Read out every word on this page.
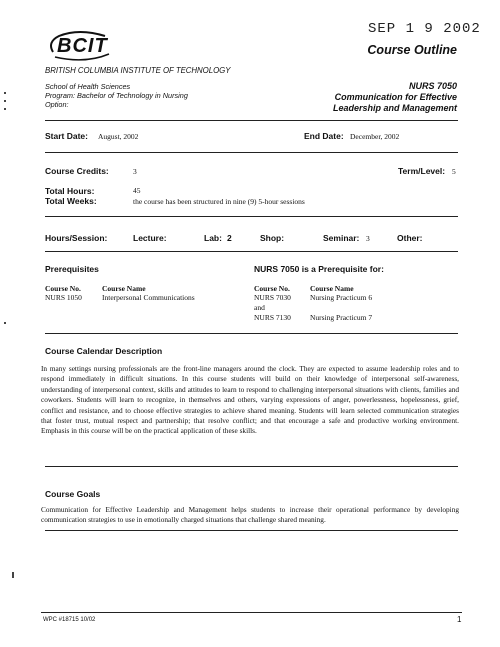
BCIT
SEP 1 9 2002
Course Outline
BRITISH COLUMBIA INSTITUTE OF TECHNOLOGY
School of Health Sciences
Program: Bachelor of Technology in Nursing
Option:
NURS 7050
Communication for Effective
Leadership and Management
Start Date: August, 2002	End Date: December, 2002
Course Credits:	3	Term/Level: 5
Total Hours:	45
Total Weeks:	the course has been structured in nine (9) 5-hour sessions
Hours/Session:	Lecture:	Lab: 2	Shop:	Seminar: 3	Other:
Prerequisites	NURS 7050 is a Prerequisite for:
Course No.	Course Name
NURS 1050	Interpersonal Communications
Course No.	Course Name
NURS 7030	Nursing Practicum 6
and
NURS 7130	Nursing Practicum 7
Course Calendar Description
In many settings nursing professionals are the front-line managers around the clock. They are expected to assume leadership roles and to respond immediately in difficult situations. In this course students will build on their knowledge of interpersonal self-awareness, understanding of interpersonal context, skills and attitudes to learn to respond to challenging interpersonal situations with clients, families and coworkers. Students will learn to recognize, in themselves and others, varying expressions of anger, powerlessness, hopelessness, grief, conflict and resistance, and to choose effective strategies to achieve shared meaning. Students will learn selected communication strategies that foster trust, mutual respect and partnership; that resolve conflict; and that encourage a safe and productive working environment. Emphasis in this course will be on the practical application of these skills.
Course Goals
Communication for Effective Leadership and Management helps students to increase their operational performance by developing communication strategies to use in emotionally charged situations that challenge shared meaning.
WPC #18715 10/02	1
